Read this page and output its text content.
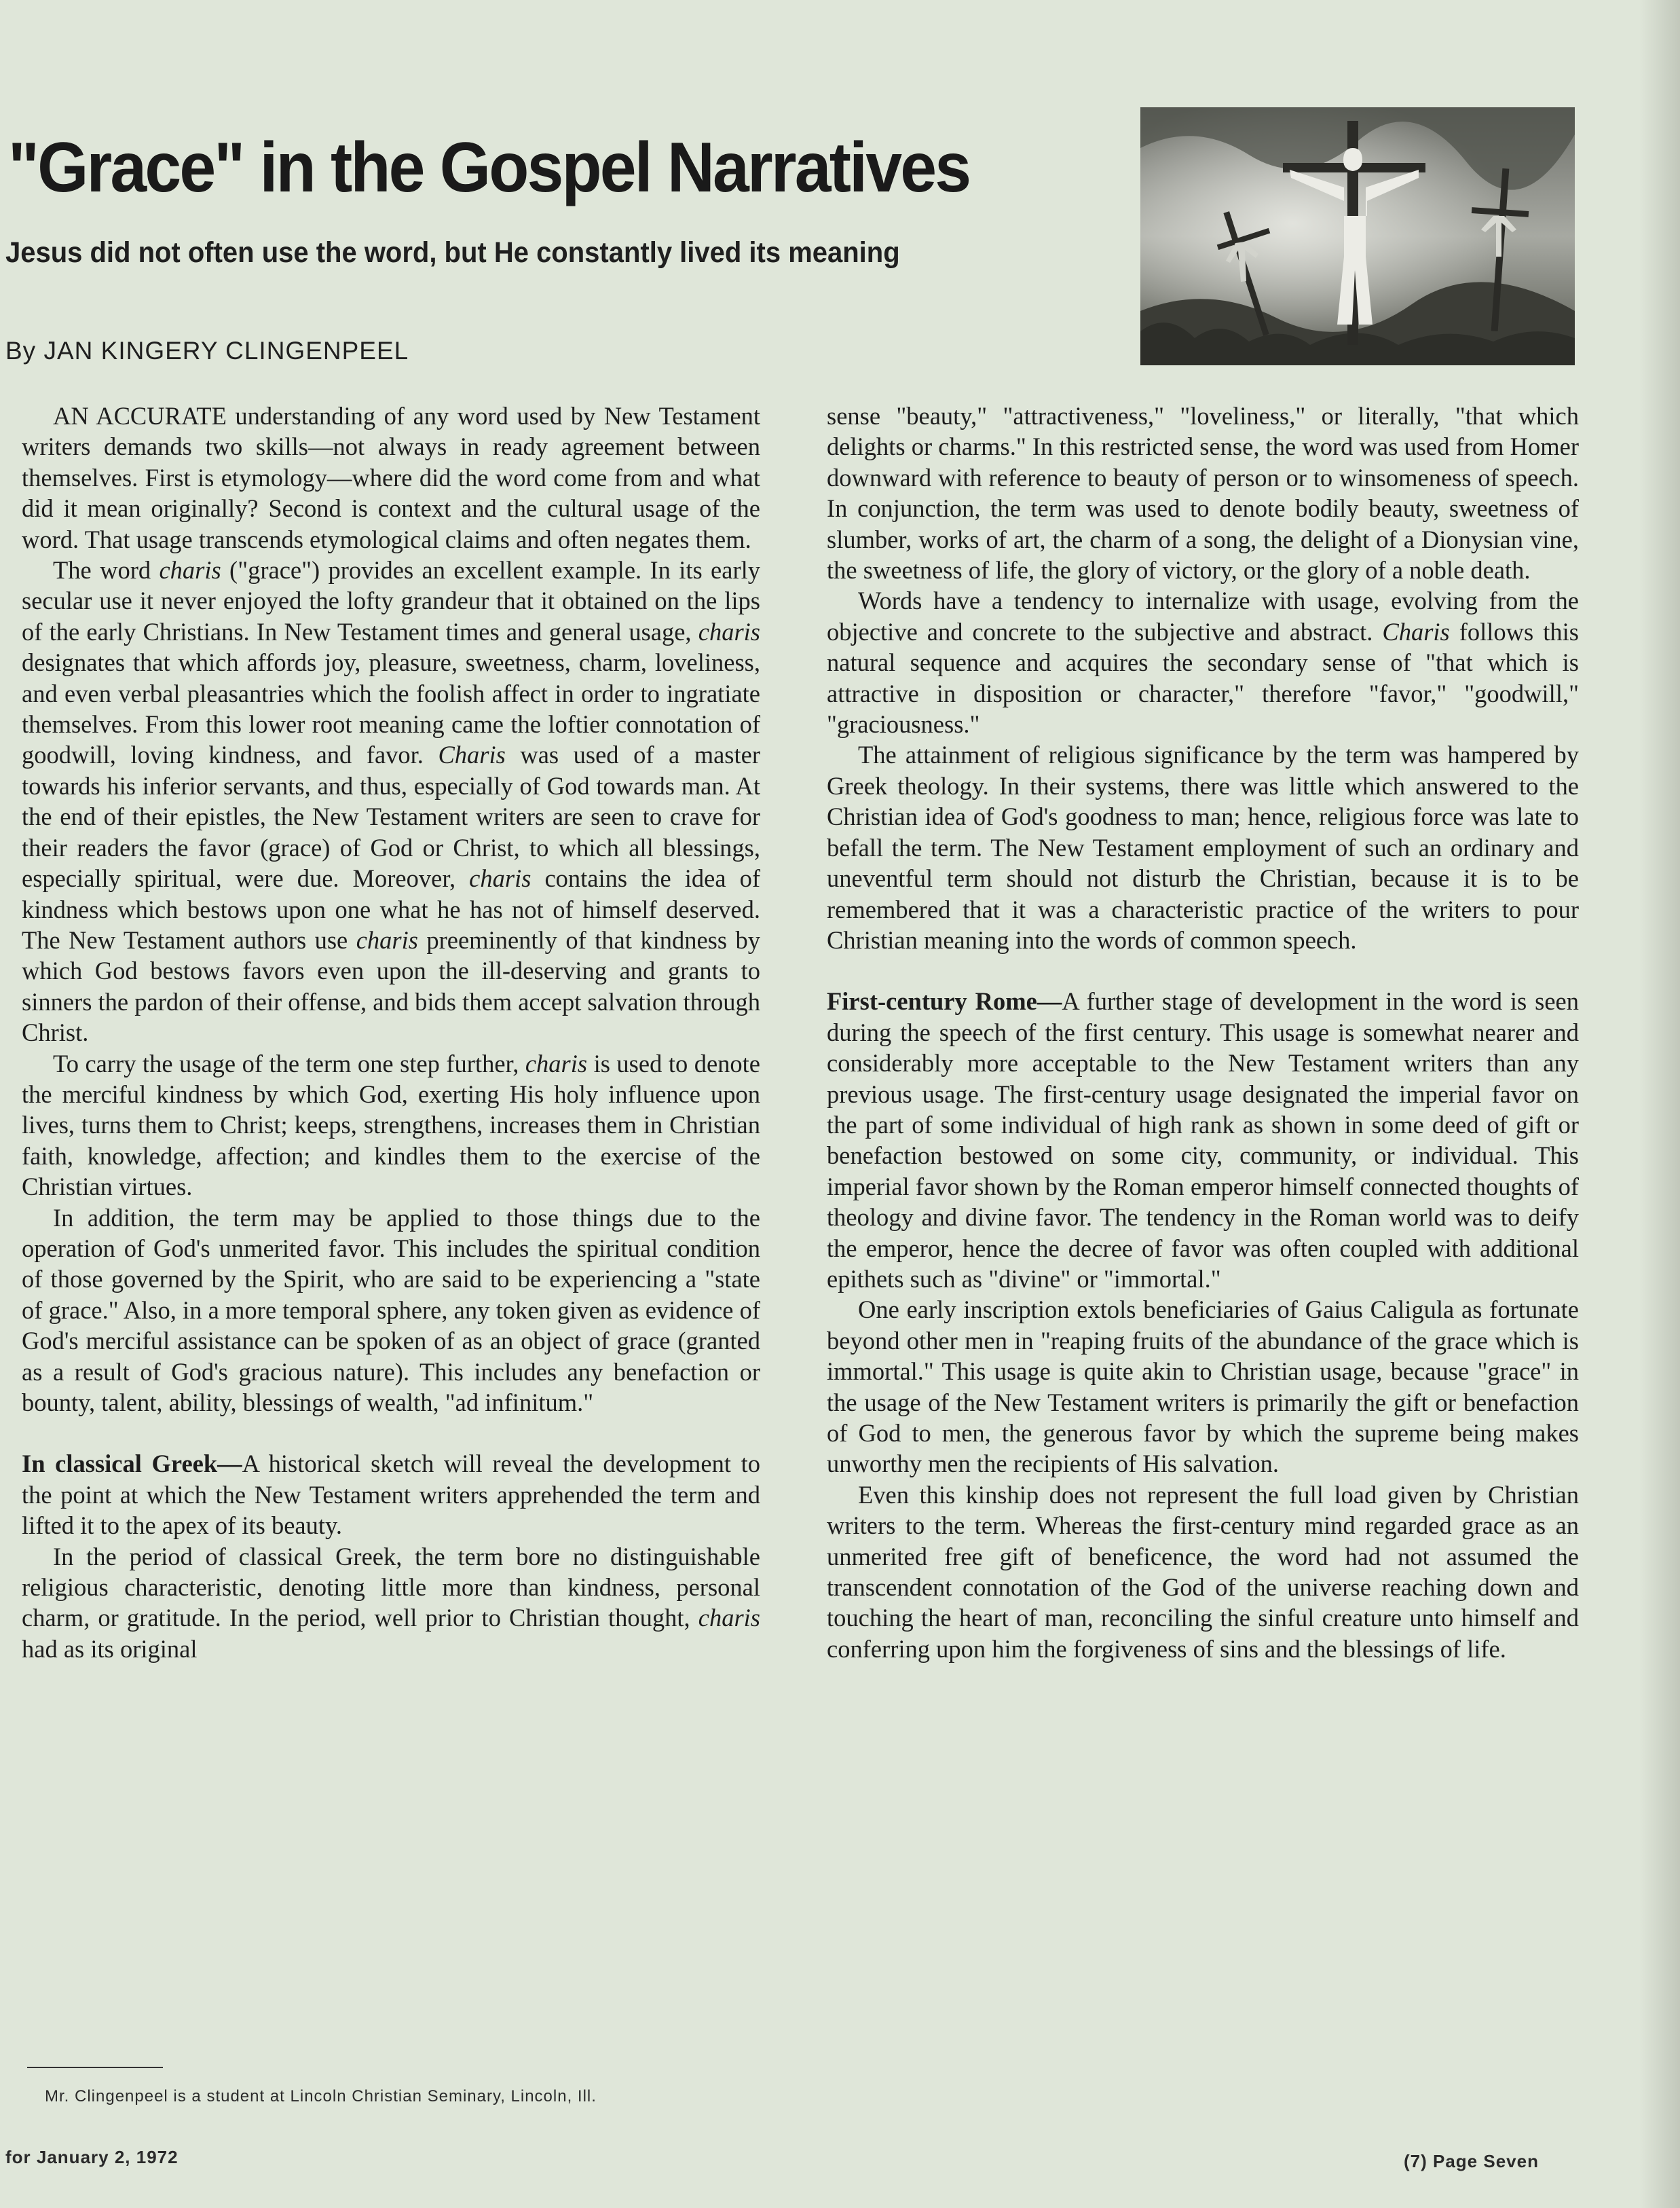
"Grace" in the Gospel Narratives
Jesus did not often use the word, but He constantly lived its meaning
By JAN KINGERY CLINGENPEEL

AN ACCURATE understanding of any word used by New Testament writers demands two skills—not always in ready agreement between themselves. First is etymology—where did the word come from and what did it mean originally? Second is context and the cultural usage of the word. That usage transcends etymological claims and often negates them.

The word charis ("grace") provides an excellent example. In its early secular use it never enjoyed the lofty grandeur that it obtained on the lips of the early Christians. In New Testament times and general usage, charis designates that which affords joy, pleasure, sweetness, charm, loveliness, and even verbal pleasantries which the foolish affect in order to ingratiate themselves. From this lower root meaning came the loftier connotation of goodwill, loving kindness, and favor. Charis was used of a master towards his inferior servants, and thus, especially of God towards man. At the end of their epistles, the New Testament writers are seen to crave for their readers the favor (grace) of God or Christ, to which all blessings, especially spiritual, were due. Moreover, charis contains the idea of kindness which bestows upon one what he has not of himself deserved. The New Testament authors use charis preeminently of that kindness by which God bestows favors even upon the ill-deserving and grants to sinners the pardon of their offense, and bids them accept salvation through Christ.

To carry the usage of the term one step further, charis is used to denote the merciful kindness by which God, exerting His holy influence upon lives, turns them to Christ; keeps, strengthens, increases them in Christian faith, knowledge, affection; and kindles them to the exercise of the Christian virtues.

In addition, the term may be applied to those things due to the operation of God's unmerited favor. This includes the spiritual condition of those governed by the Spirit, who are said to be experiencing a "state of grace." Also, in a more temporal sphere, any token given as evidence of God's merciful assistance can be spoken of as an object of grace (granted as a result of God's gracious nature). This includes any benefaction or bounty, talent, ability, blessings of wealth, "ad infinitum."

In classical Greek—A historical sketch will reveal the development to the point at which the New Testament writers apprehended the term and lifted it to the apex of its beauty.

In the period of classical Greek, the term bore no distinguishable religious characteristic, denoting little more than kindness, personal charm, or gratitude. In the period, well prior to Christian thought, charis had as its original

sense "beauty," "attractiveness," "loveliness," or literally, "that which delights or charms." In this restricted sense, the word was used from Homer downward with reference to beauty of person or to winsomeness of speech. In conjunction, the term was used to denote bodily beauty, sweetness of slumber, works of art, the charm of a song, the delight of a Dionysian vine, the sweetness of life, the glory of victory, or the glory of a noble death.

Words have a tendency to internalize with usage, evolving from the objective and concrete to the subjective and abstract. Charis follows this natural sequence and acquires the secondary sense of "that which is attractive in disposition or character," therefore "favor," "goodwill," "graciousness."

The attainment of religious significance by the term was hampered by Greek theology. In their systems, there was little which answered to the Christian idea of God's goodness to man; hence, religious force was late to befall the term. The New Testament employment of such an ordinary and uneventful term should not disturb the Christian, because it is to be remembered that it was a characteristic practice of the writers to pour Christian meaning into the words of common speech.

First-century Rome—A further stage of development in the word is seen during the speech of the first century. This usage is somewhat nearer and considerably more acceptable to the New Testament writers than any previous usage. The first-century usage designated the imperial favor on the part of some individual of high rank as shown in some deed of gift or benefaction bestowed on some city, community, or individual. This imperial favor shown by the Roman emperor himself connected thoughts of theology and divine favor. The tendency in the Roman world was to deify the emperor, hence the decree of favor was often coupled with additional epithets such as "divine" or "immortal."

One early inscription extols beneficiaries of Gaius Caligula as fortunate beyond other men in "reaping fruits of the abundance of the grace which is immortal." This usage is quite akin to Christian usage, because "grace" in the usage of the New Testament writers is primarily the gift or benefaction of God to men, the generous favor by which the supreme being makes unworthy men the recipients of His salvation.

Even this kinship does not represent the full load given by Christian writers to the term. Whereas the first-century mind regarded grace as an unmerited free gift of beneficence, the word had not assumed the transcendent connotation of the God of the universe reaching down and touching the heart of man, reconciling the sinful creature unto himself and conferring upon him the forgiveness of sins and the blessings of life.

Mr. Clingenpeel is a student at Lincoln Christian Seminary, Lincoln, Ill.
for January 2, 1972	(7) Page Seven
